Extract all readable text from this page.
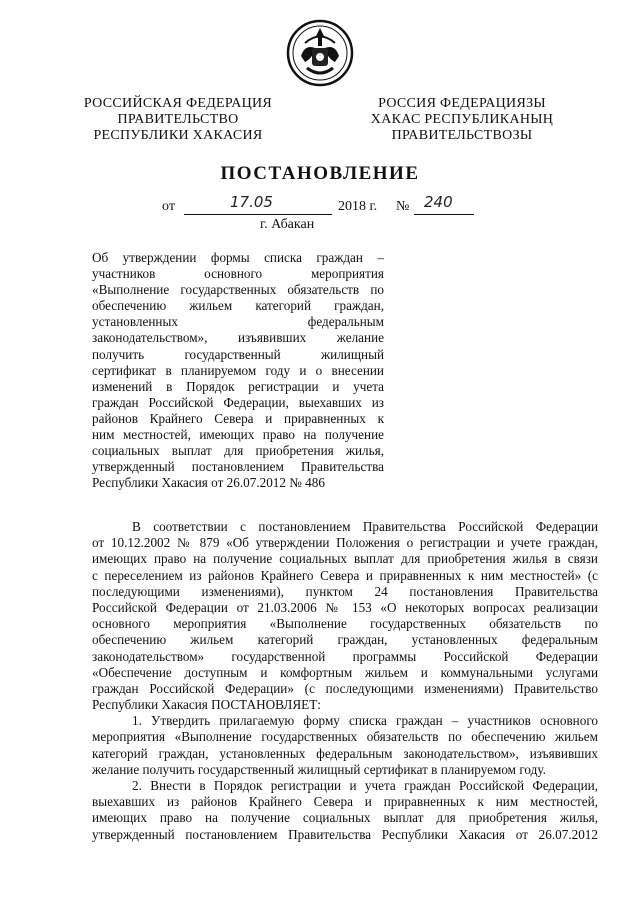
РОССИЙСКАЯ ФЕДЕРАЦИЯ
ПРАВИТЕЛЬСТВО
РЕСПУБЛИКИ ХАКАСИЯ
РОССИЯ ФЕДЕРАЦИЯЗЫ
ХАКАС РЕСПУБЛИКАНЫҢ
ПРАВИТЕЛЬСТВОЗЫ
ПОСТАНОВЛЕНИЕ
от	17.05	2018 г. № 240
г. Абакан
Об утверждении формы списка граждан –
участников основного мероприятия
«Выполнение государственных обязательств по
обеспечению жильем категорий граждан,
установленных федеральным
законодательством», изъявивших желание
получить государственный жилищный
сертификат в планируемом году и о внесении
изменений в Порядок регистрации и учета
граждан Российской Федерации, выехавших из
районов Крайнего Севера и приравненных к
ним местностей, имеющих право на получение
социальных выплат для приобретения жилья,
утвержденный постановлением Правительства
Республики Хакасия от 26.07.2012 № 486
В соответствии с постановлением Правительства Российской Федерации
от 10.12.2002 № 879 «Об утверждении Положения о регистрации и учете граждан,
имеющих право на получение социальных выплат для приобретения жилья в связи
с переселением из районов Крайнего Севера и приравненных к ним местностей» (с
последующими изменениями), пунктом 24 постановления Правительства
Российской Федерации от 21.03.2006 № 153 «О некоторых вопросах реализации
основного мероприятия «Выполнение государственных обязательств по
обеспечению жильем категорий граждан, установленных федеральным
законодательством» государственной программы Российской Федерации
«Обеспечение доступным и комфортным жильем и коммунальными услугами
граждан Российской Федерации» (с последующими изменениями) Правительство
Республики Хакасия ПОСТАНОВЛЯЕТ:
1. Утвердить прилагаемую форму списка граждан – участников основного
мероприятия «Выполнение государственных обязательств по обеспечению жильем
категорий граждан, установленных федеральным законодательством», изъявивших
желание получить государственный жилищный сертификат в планируемом году.
2. Внести в Порядок регистрации и учета граждан Российской Федерации,
выехавших из районов Крайнего Севера и приравненных к ним местностей,
имеющих право на получение социальных выплат для приобретения жилья,
утвержденный постановлением Правительства Республики Хакасия от 26.07.2012
